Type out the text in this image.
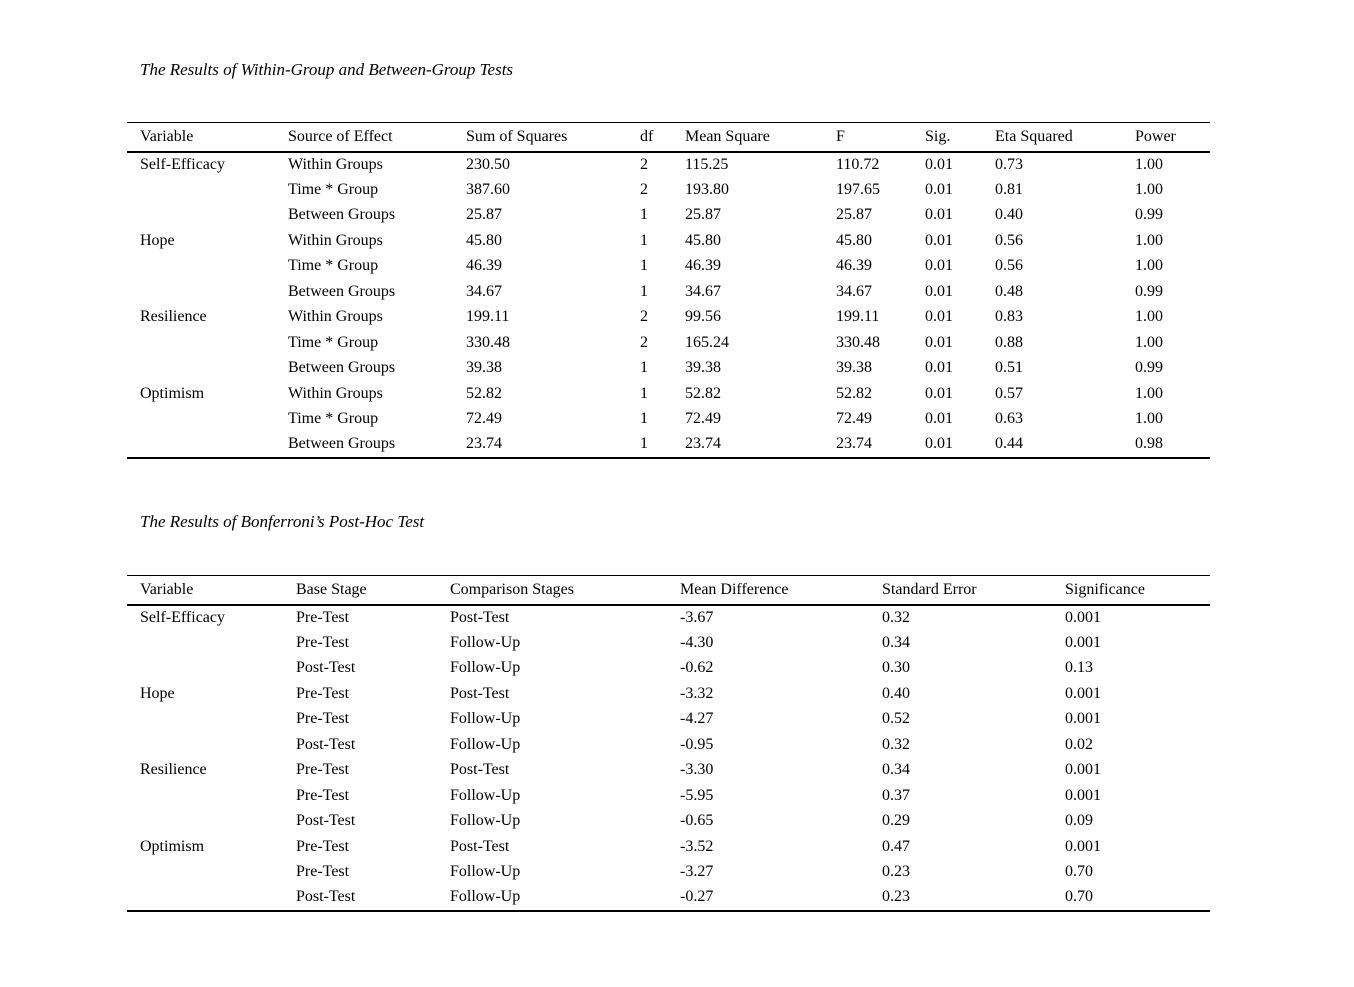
The Results of Within-Group and Between-Group Tests
Variable	Source of Effect	Sum of Squares	df	Mean Square	F	Sig.	Eta Squared	Power
Self-Efficacy	Within Groups	230.50	2	115.25	110.72	0.01	0.73	1.00
	Time * Group	387.60	2	193.80	197.65	0.01	0.81	1.00
	Between Groups	25.87	1	25.87	25.87	0.01	0.40	0.99
Hope	Within Groups	45.80	1	45.80	45.80	0.01	0.56	1.00
	Time * Group	46.39	1	46.39	46.39	0.01	0.56	1.00
	Between Groups	34.67	1	34.67	34.67	0.01	0.48	0.99
Resilience	Within Groups	199.11	2	99.56	199.11	0.01	0.83	1.00
	Time * Group	330.48	2	165.24	330.48	0.01	0.88	1.00
	Between Groups	39.38	1	39.38	39.38	0.01	0.51	0.99
Optimism	Within Groups	52.82	1	52.82	52.82	0.01	0.57	1.00
	Time * Group	72.49	1	72.49	72.49	0.01	0.63	1.00
	Between Groups	23.74	1	23.74	23.74	0.01	0.44	0.98
The Results of Bonferroni’s Post-Hoc Test
Variable	Base Stage	Comparison Stages	Mean Difference	Standard Error	Significance
Self-Efficacy	Pre-Test	Post-Test	-3.67	0.32	0.001
	Pre-Test	Follow-Up	-4.30	0.34	0.001
	Post-Test	Follow-Up	-0.62	0.30	0.13
Hope	Pre-Test	Post-Test	-3.32	0.40	0.001
	Pre-Test	Follow-Up	-4.27	0.52	0.001
	Post-Test	Follow-Up	-0.95	0.32	0.02
Resilience	Pre-Test	Post-Test	-3.30	0.34	0.001
	Pre-Test	Follow-Up	-5.95	0.37	0.001
	Post-Test	Follow-Up	-0.65	0.29	0.09
Optimism	Pre-Test	Post-Test	-3.52	0.47	0.001
	Pre-Test	Follow-Up	-3.27	0.23	0.70
	Post-Test	Follow-Up	-0.27	0.23	0.70
